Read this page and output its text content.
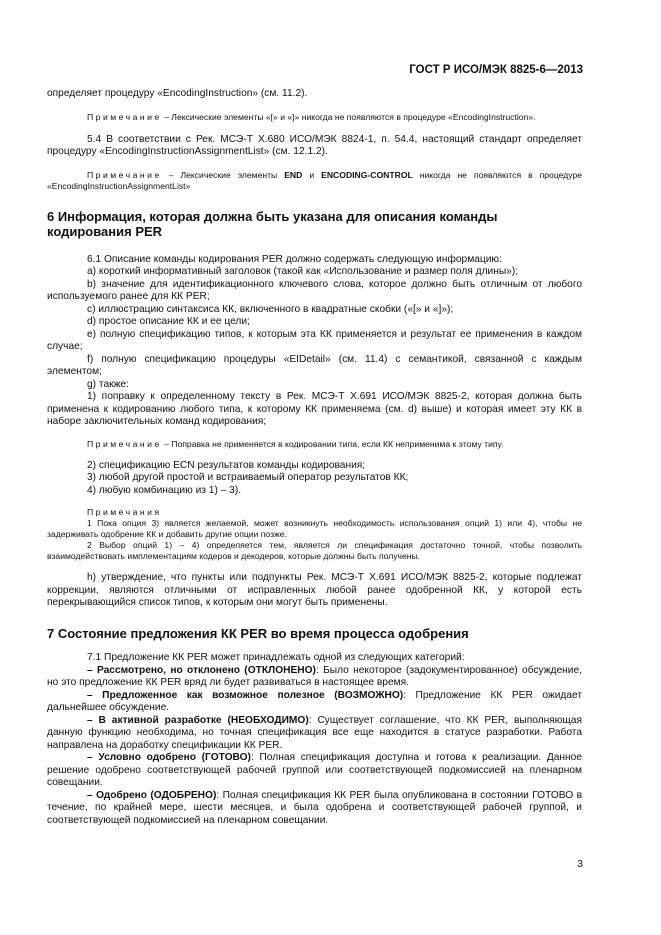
ГОСТ Р ИСО/МЭК 8825-6—2013

определяет процедуру «EncodingInstruction» (см. 11.2).

Примечание – Лексические элементы «[» и «]» никогда не появляются в процедуре «EncodingInstruction».

5.4 В соответствии с Рек. МСЭ-Т Х.680 ИСО/МЭК 8824-1, п. 54.4, настоящий стандарт определяет процедуру «EncodingInstructionAssignmentList» (см. 12.1.2).

Примечание – Лексические элементы END и ENCODING-CONTROL никогда не появляются в процедуре «EncodingInstructionAssignmentList»

6 Информация, которая должна быть указана для описания команды кодирования PER

6.1 Описание команды кодирования PER должно содержать следующую информацию:

а) короткий информативный заголовок (такой как «Использование и размер поля длины»);

b) значение для идентификационного ключевого слова, которое должно быть отличным от любого используемого ранее для КК PER;

c) иллюстрацию синтаксиса КК, включенного в квадратные скобки («[» и «]»);

d) простое описание КК и ее цели;

e) полную спецификацию типов, к которым эта КК применяется и результат ее применения в каждом случае;

f) полную спецификацию процедуры «EIDetail» (см. 11.4) с семантикой, связанной с каждым элементом;

g) также:

1) поправку к определенному тексту в Рек. МСЭ-Т Х.691 ИСО/МЭК 8825-2, которая должна быть применена к кодированию любого типа, к которому КК применяема (см. d) выше) и которая имеет эту КК в наборе заключительных команд кодирования;

Примечание – Поправка не применяется в кодировании типа, если КК неприменима к этому типу.

2) спецификацию ECN результатов команды кодирования;

3) любой другой простой и встраиваемый оператор результатов КК;

4) любую комбинацию из 1) – 3).

Примечания

1 Пока опция 3) является желаемой, может возникнуть необходимость использования опций 1) или 4), чтобы не задерживать одобрение КК и добавить другие опции позже.

2 Выбор опций 1) – 4) определяется тем, является ли спецификация достаточно точной, чтобы позволить взаимодействовать имплементациям кодеров и декодеров, которые должны быть получены.

h) утверждение, что пункты или подпункты Рек. МСЭ-Т Х.691 ИСО/МЭК 8825-2, которые подлежат коррекции, являются отличными от исправленных любой ранее одобренной КК, у которой есть перекрывающийся список типов, к которым они могут быть применены.

7 Состояние предложения КК PER во время процесса одобрения

7.1 Предложение КК PER может принадлежать одной из следующих категорий:

– Рассмотрено, но отклонено (ОТКЛОНЕНО): Было некоторое (задокументированное) обсуждение, но это предложение КК PER вряд ли будет развиваться в настоящее время.

– Предложенное как возможное полезное (ВОЗМОЖНО): Предложение КК PER ожидает дальнейшее обсуждение.

– В активной разработке (НЕОБХОДИМО): Существует соглашение, что КК PER, выполняющая данную функцию необходима, но точная спецификация все еще находится в статусе разработки. Работа направлена на доработку спецификации КК PER.

– Условно одобрено (ГОТОВО): Полная спецификация доступна и готова к реализации. Данное решение одобрено соответствующей рабочей группой или соответствующей подкомиссией на пленарном совещании.

– Одобрено (ОДОБРЕНО): Полная спецификация КК PER была опубликована в состоянии ГОТОВО в течение, по крайней мере, шести месяцев, и была одобрена и соответствующей рабочей группой, и соответствующей подкомиссией на пленарном совещании.

3
